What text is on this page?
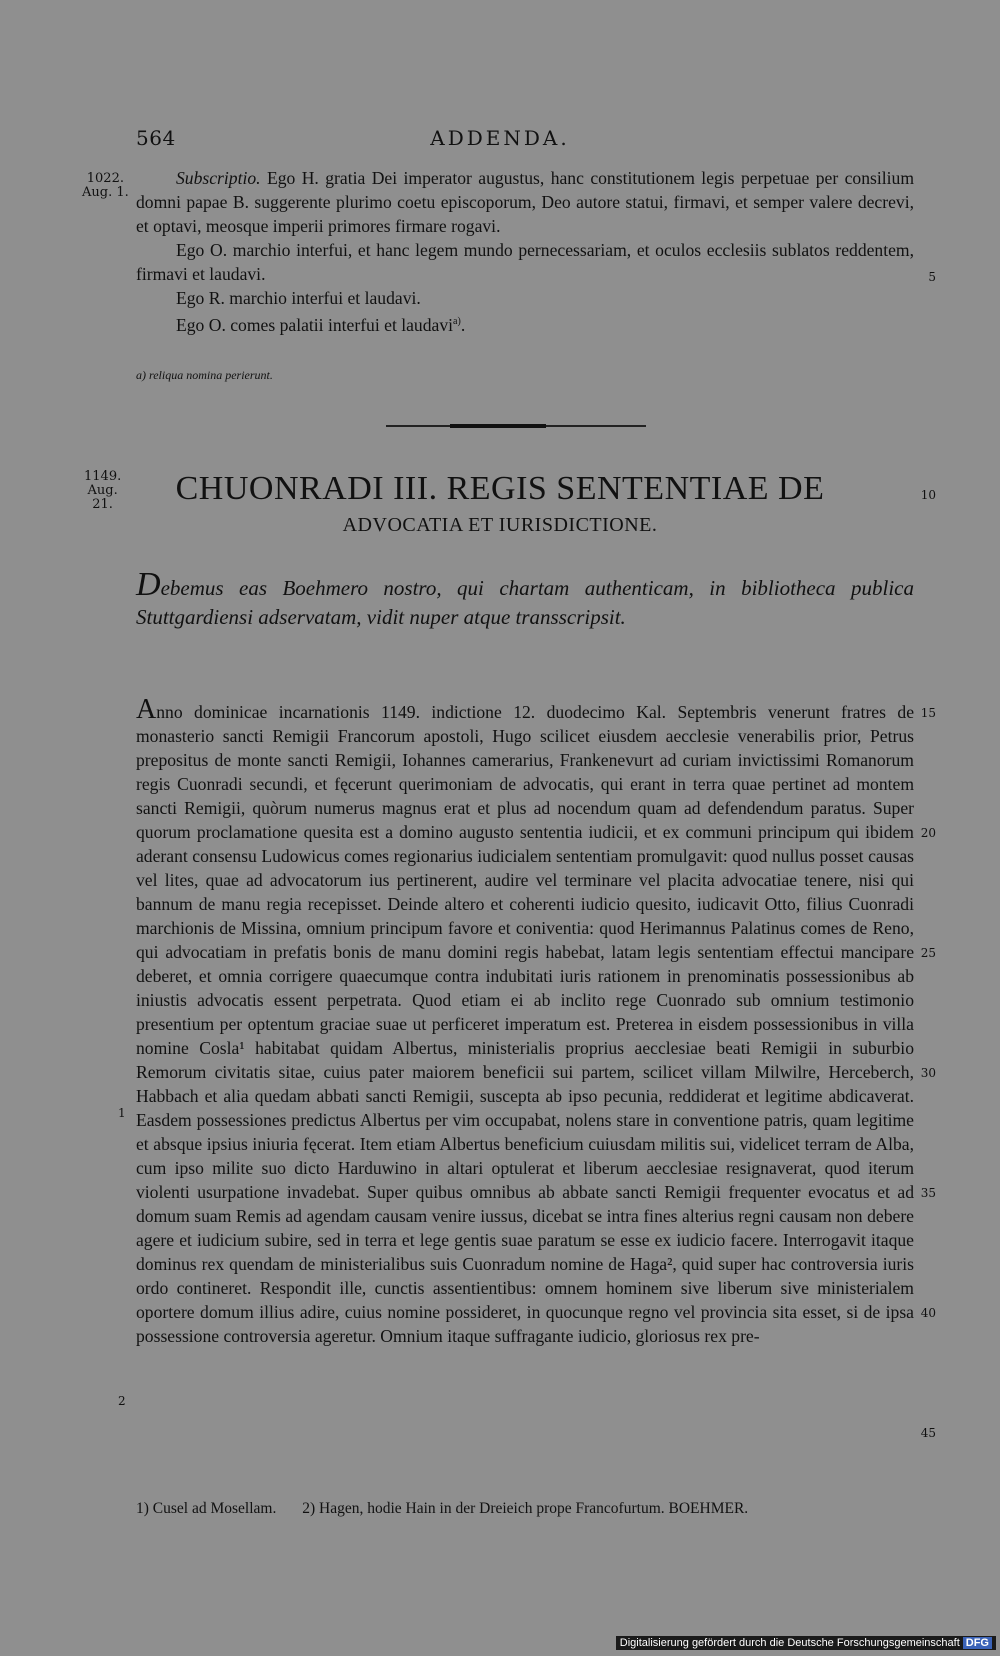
564	ADDENDA.
1022.
Aug. 1.

Subscriptio. Ego H. gratia Dei imperator augustus, hanc constitutionem legis perpetuae per consilium domni papae B. suggerente plurimo coetu episcoporum, Deo autore statui, firmavi, et semper valere decrevi, et optavi, meosque imperii primores firmare rogavi.

Ego O. marchio interfui, et hanc legem mundo pernecessariam, et oculos ecclesiis sublatos reddentem, firmavi et laudavi.

Ego R. marchio interfui et laudavi.

Ego O. comes palatii interfui et laudavi$^{a)}$.

5
a) reliqua nomina perierunt.
1149.
Aug.
21.	CHUONRADI III. REGIS SENTENTIAE DE	10
ADVOCATIA ET IURISDICTIONE.
Debemus eas Boehmero nostro, qui chartam authenticam, in bibliotheca publica Stuttgardiensi adservatam, vidit nuper atque transscripsit.

Anno dominicae incarnationis 1149. indictione 12. duodecimo Kal. Septembris venerunt fratres de monasterio sancti Remigii Francorum apostoli, Hugo scilicet eiusdem aecclesie venerabilis prior, Petrus prepositus de monte sancti Remigii, Iohannes camerarius, Frankenevurt ad curiam invictissimi Romanorum regis Cuonradi secundi, et fęcerunt querimoniam de advocatis, qui erant in terra quae pertinet ad montem sancti Remigii, quòrum numerus magnus erat et plus ad nocendum quam ad defendendum paratus. Super quorum proclamatione quesita est a domino augusto sententia iudicii, et ex communi principum qui ibidem aderant consensu Ludowicus comes regionarius iudicialem sententiam promulgavit: quod nullus posset causas vel lites, quae ad advocatorum ius pertinerent, audire vel terminare vel placita advocatiae tenere, nisi qui bannum de manu regia recepisset. Deinde altero et coherenti iudicio quesito, iudicavit Otto, filius Cuonradi marchionis de Missina, omnium principum favore et coniventia: quod Herimannus Palatinus comes de Reno, qui advocatiam in prefatis bonis de manu domini regis habebat, latam legis sententiam effectui mancipare deberet, et omnia corrigere quaecumque contra indubitati iuris rationem in prenominatis possessionibus ab iniustis advocatis essent perpetrata. Quod etiam ei ab inclito rege Cuonrado sub omnium testimonio presentium per optentum graciae suae ut perficeret imperatum est. Preterea in eisdem possessionibus in villa nomine Cosla¹ habitabat quidam Albertus, ministerialis proprius aecclesiae beati Remigii in suburbio Remorum civitatis sitae, cuius pater maiorem beneficii sui partem, scilicet villam Milwilre, Herceberch, Habbach et alia quedam abbati sancti Remigii, suscepta ab ipso pecunia, reddiderat et legitime abdicaverat. Easdem possessiones predictus Albertus per vim occupabat, nolens stare in conventione patris, quam legitime et absque ipsius iniuria fęcerat. Item etiam Albertus beneficium cuiusdam militis sui, videlicet terram de Alba, cum ipso milite suo dicto Harduwino in altari optulerat et liberum aecclesiae resignaverat, quod iterum violenti usurpatione invadebat. Super quibus omnibus ab abbate sancti Remigii frequenter evocatus et ad domum suam Remis ad agendam causam venire iussus, dicebat se intra fines alterius regni causam non debere agere et iudicium subire, sed in terra et lege gentis suae paratum se esse ex iudicio facere. Interrogavit itaque dominus rex quendam de ministerialibus suis Cuonradum nomine de Haga², quid super hac controversia iuris ordo contineret. Respondit ille, cunctis assentientibus: omnem hominem sive liberum sive ministerialem oportere domum illius adire, cuius nomine possideret, in quocunque regno vel provincia sita esset, si de ipsa possessione controversia ageretur. Omnium itaque suffragante iudicio, gloriosus rex pre-

15
20
25
30
35
40
45
1
2
1) Cusel ad Mosellam. 2) Hagen, hodie Hain in der Dreieich prope Francofurtum. BOEHMER.
Digitalisierung gefördert durch die Deutsche Forschungsgemeinschaft DFG
